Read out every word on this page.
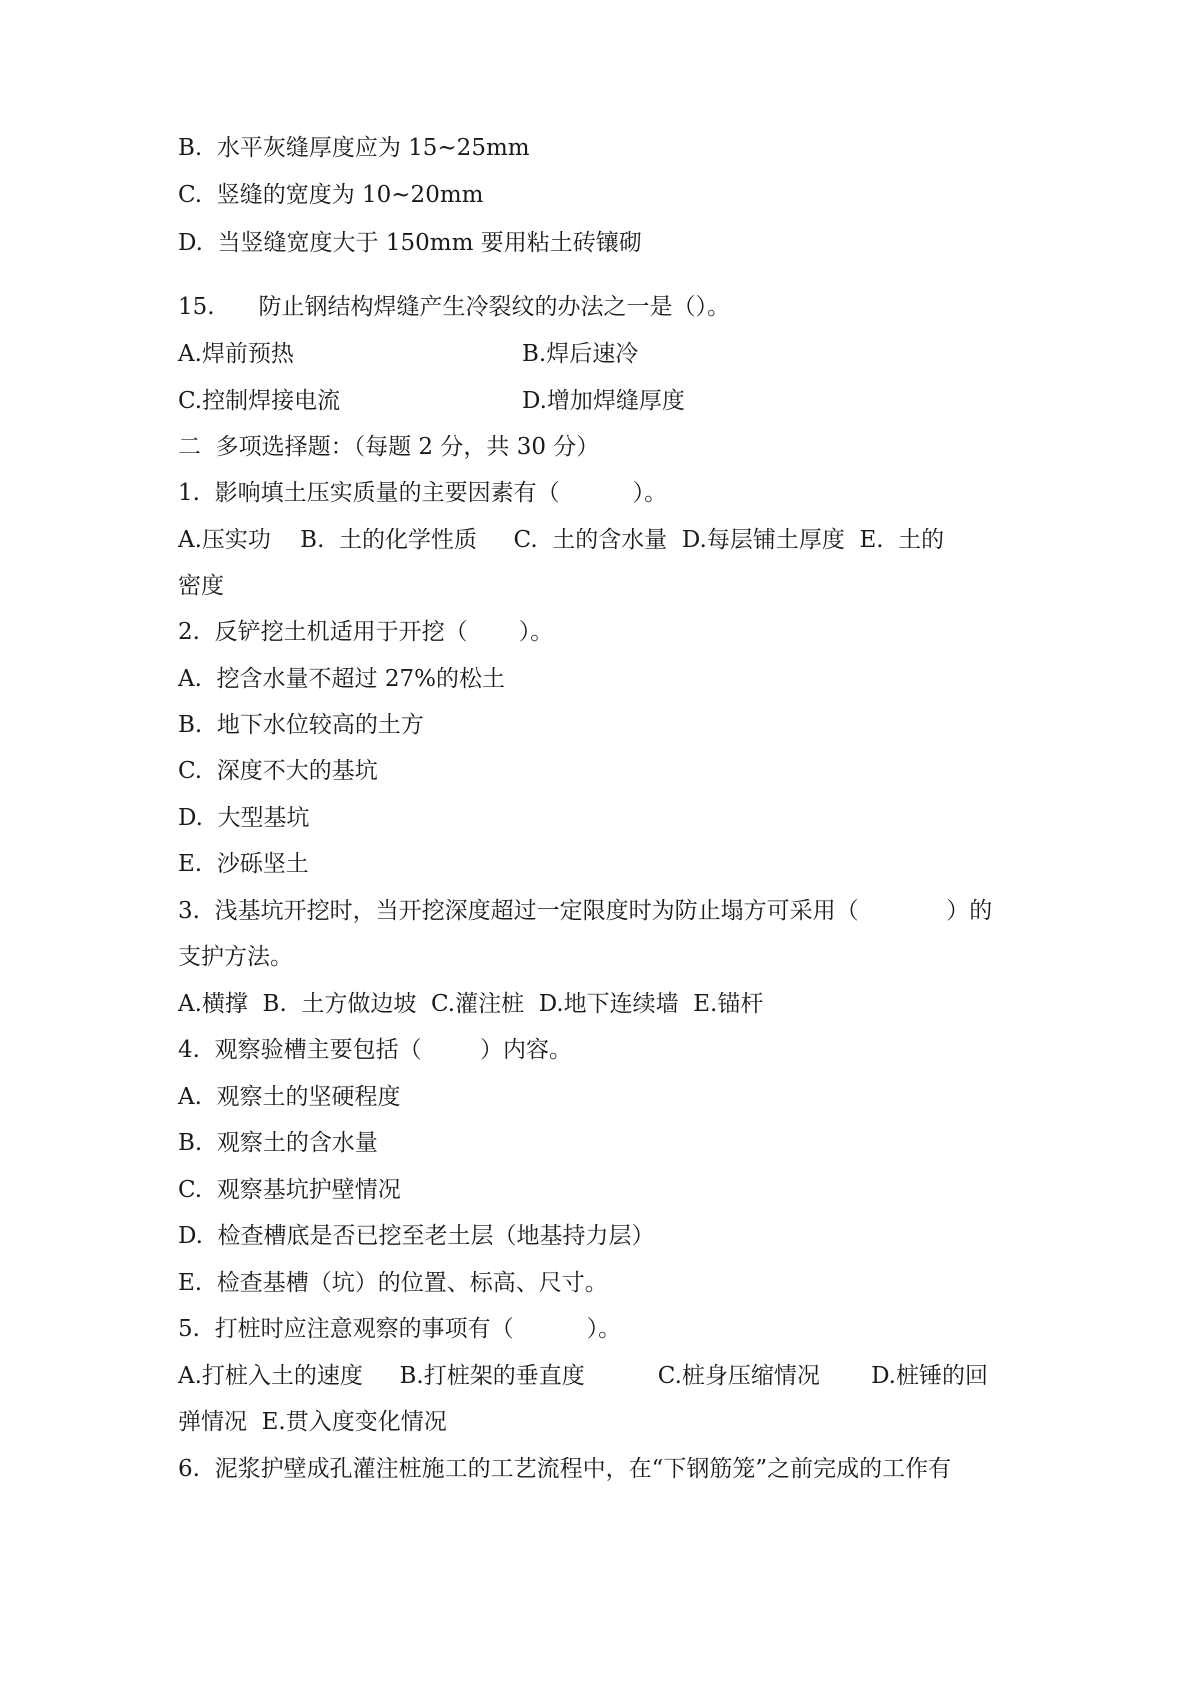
B.  水平灰缝厚度应为 15~25mm
C.  竖缝的宽度为 10~20mm
D.  当竖缝宽度大于 150mm 要用粘土砖镶砌
15.      防止钢结构焊缝产生冷裂纹的办法之一是（）。
A.焊前预热	B.焊后速冷
C.控制焊接电流	D.增加焊缝厚度
二  多项选择题：（每题 2 分，共 30 分）
1.  影响填土压实质量的主要因素有（          ）。
A.压实功    B.  土的化学性质     C.  土的含水量  D.每层铺土厚度  E.  土的
密度
2.  反铲挖土机适用于开挖（       ）。
A.  挖含水量不超过 27%的松土
B.  地下水位较高的土方
C.  深度不大的基坑
D.  大型基坑
E.  沙砾坚土
3.  浅基坑开挖时，当开挖深度超过一定限度时为防止塌方可采用（            ）的
支护方法。
A.横撑  B.  土方做边坡  C.灌注桩  D.地下连续墙  E.锚杆
4.  观察验槽主要包括（        ）内容。
A.  观察土的坚硬程度
B.  观察土的含水量
C.  观察基坑护壁情况
D.  检查槽底是否已挖至老土层（地基持力层）
E.  检查基槽（坑）的位置、标高、尺寸。
5.  打桩时应注意观察的事项有（          ）。
A.打桩入土的速度     B.打桩架的垂直度          C.桩身压缩情况       D.桩锤的回
弹情况  E.贯入度变化情况
6.  泥浆护壁成孔灌注桩施工的工艺流程中，在“下钢筋笼”之前完成的工作有
